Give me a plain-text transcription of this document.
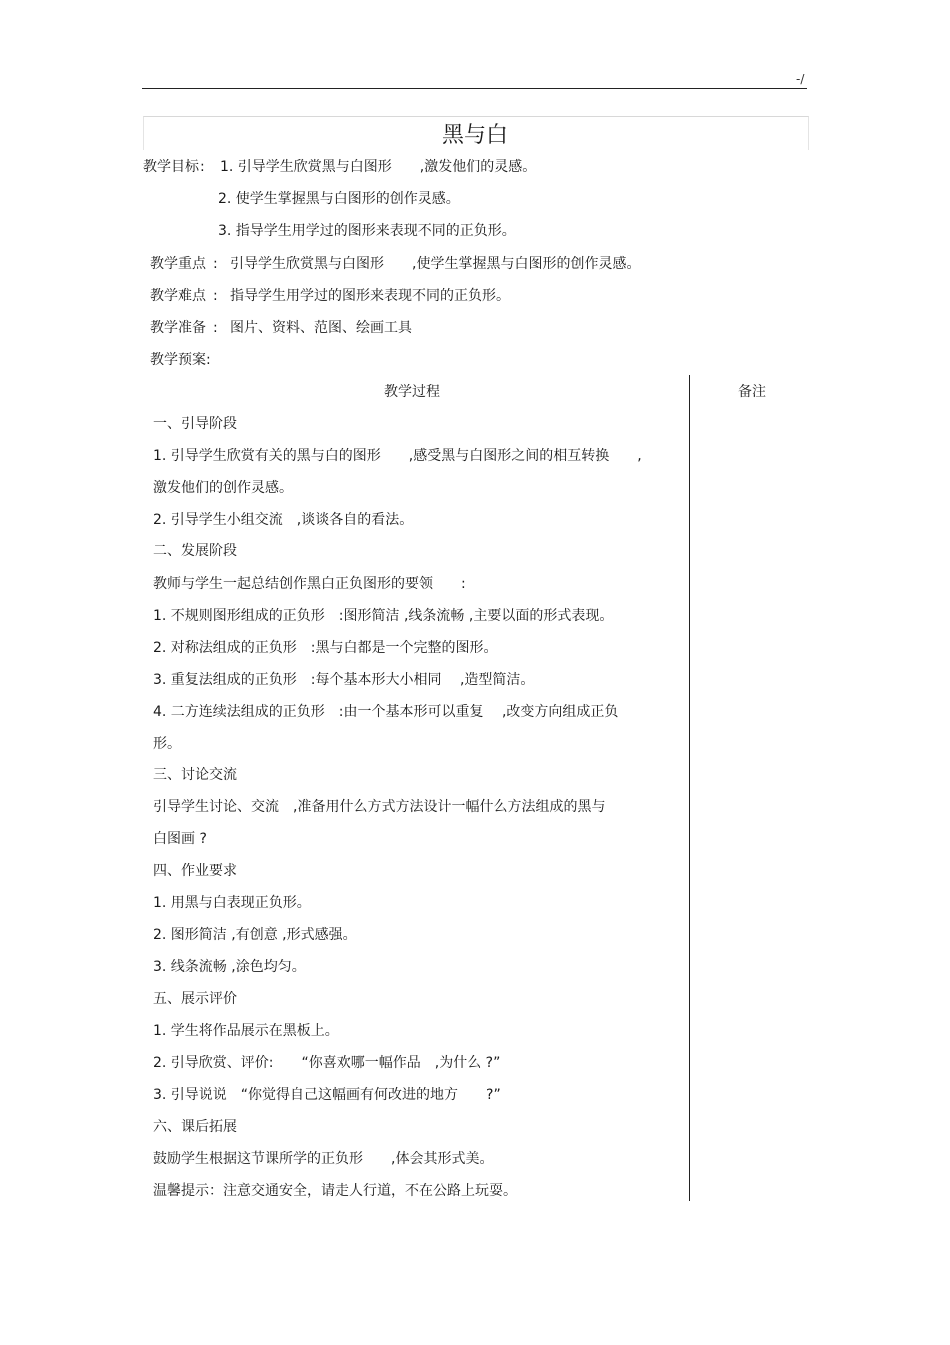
-/
黑与白
教学目标 : 1. 引导学生欣赏黑与白图形　　,激发他们的灵感。
2. 使学生掌握黑与白图形的创作灵感。
3. 指导学生用学过的图形来表现不同的正负形。
教学重点 : 引导学生欣赏黑与白图形　　,使学生掌握黑与白图形的创作灵感。
教学难点 : 指导学生用学过的图形来表现不同的正负形。
教学准备 : 图片、资料、范图、绘画工具
教学预案:
教学过程	备注
一、引导阶段
1. 引导学生欣赏有关的黑与白的图形　　,感受黑与白图形之间的相互转换　　,
激发他们的创作灵感。
2. 引导学生小组交流　,谈谈各自的看法。
二、发展阶段
教师与学生一起总结创作黑白正负图形的要领　　:
1. 不规则图形组成的正负形　:图形简洁 ,线条流畅 ,主要以面的形式表现。
2. 对称法组成的正负形　:黑与白都是一个完整的图形。
3. 重复法组成的正负形　:每个基本形大小相同　 ,造型简洁。
4. 二方连续法组成的正负形　:由一个基本形可以重复　 ,改变方向组成正负
形。
三、讨论交流
引导学生讨论、交流　,准备用什么方式方法设计一幅什么方法组成的黑与
白图画 ?
四、作业要求
1. 用黑与白表现正负形。
2. 图形简洁 ,有创意 ,形式感强。
3. 线条流畅 ,涂色均匀。
五、展示评价
1. 学生将作品展示在黑板上。
2. 引导欣赏、评价:　　“你喜欢哪一幅作品　,为什么 ?”
3. 引导说说　“你觉得自己这幅画有何改进的地方　　?”
六、课后拓展
鼓励学生根据这节课所学的正负形　　,体会其形式美。
温馨提示：注意交通安全，请走人行道，不在公路上玩耍。
